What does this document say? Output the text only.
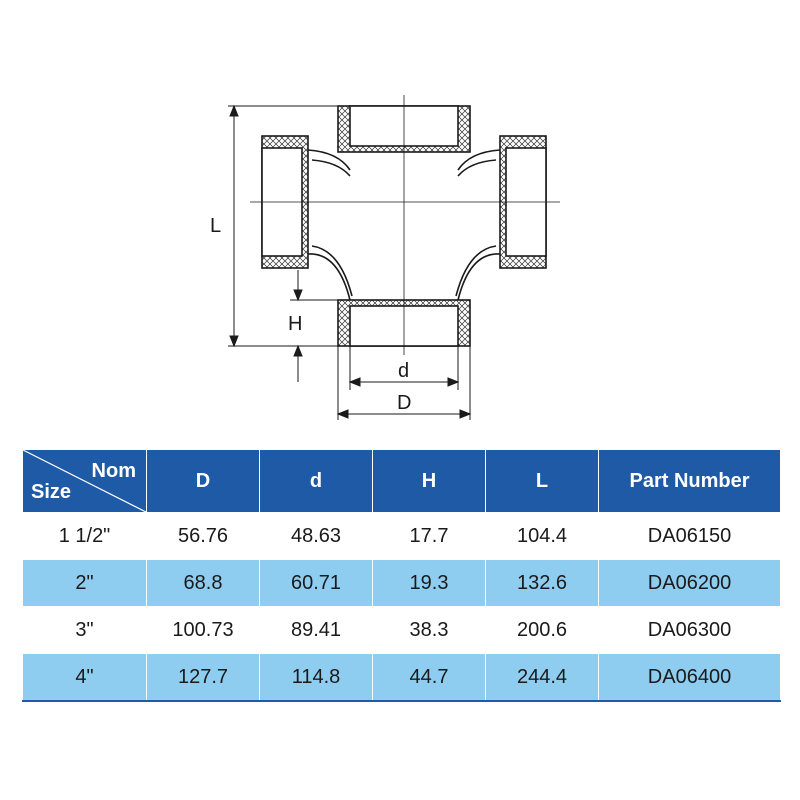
L
H
d
D
Nom
Size	D	d	H	L	Part Number
1 1/2"	56.76	48.63	17.7	104.4	DA06150
2"	68.8	60.71	19.3	132.6	DA06200
3"	100.73	89.41	38.3	200.6	DA06300
4"	127.7	114.8	44.7	244.4	DA06400
